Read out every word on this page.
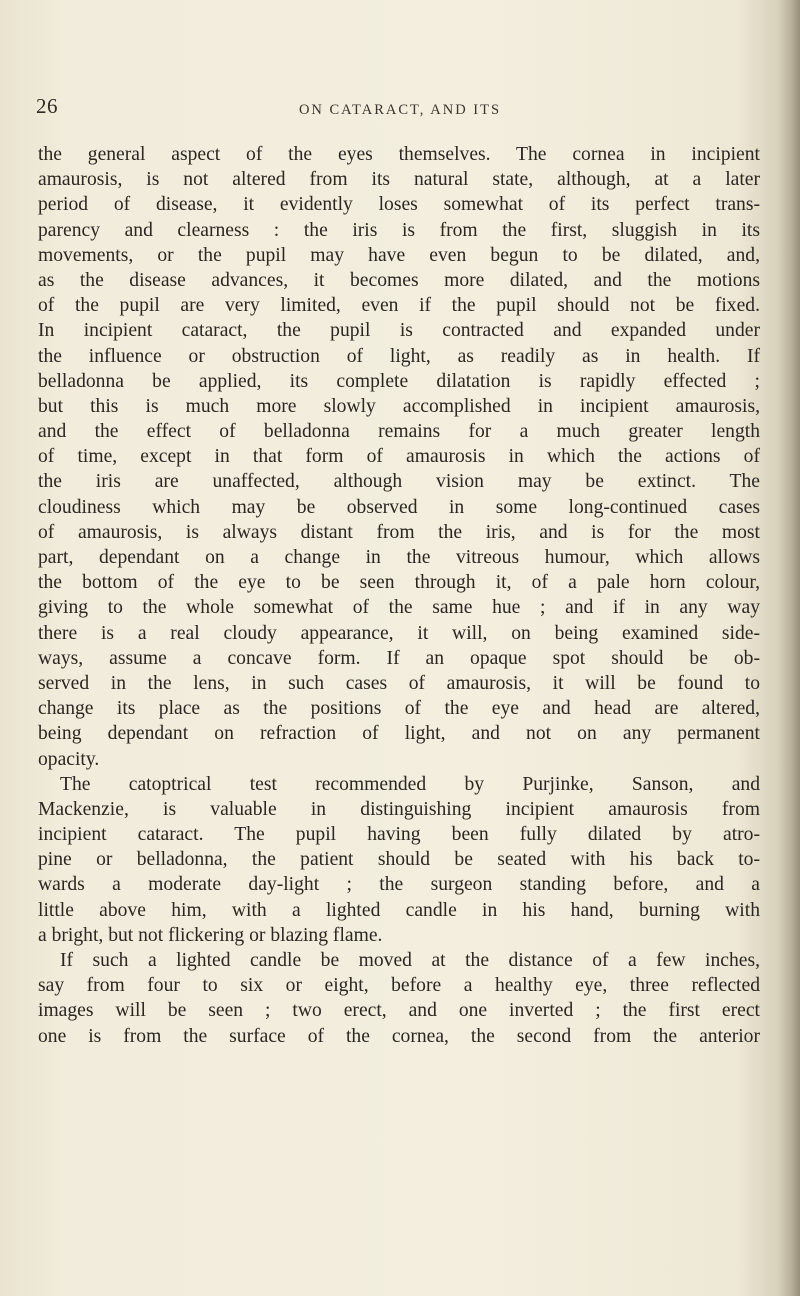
26	ON CATARACT, AND ITS
the general aspect of the eyes themselves. The cornea in incipient
amaurosis, is not altered from its natural state, although, at a later
period of disease, it evidently loses somewhat of its perfect trans-
parency and clearness : the iris is from the first, sluggish in its
movements, or the pupil may have even begun to be dilated, and,
as the disease advances, it becomes more dilated, and the motions
of the pupil are very limited, even if the pupil should not be fixed.
In incipient cataract, the pupil is contracted and expanded under
the influence or obstruction of light, as readily as in health. If
belladonna be applied, its complete dilatation is rapidly effected ;
but this is much more slowly accomplished in incipient amaurosis,
and the effect of belladonna remains for a much greater length
of time, except in that form of amaurosis in which the actions of
the iris are unaffected, although vision may be extinct. The
cloudiness which may be observed in some long-continued cases
of amaurosis, is always distant from the iris, and is for the most
part, dependant on a change in the vitreous humour, which allows
the bottom of the eye to be seen through it, of a pale horn colour,
giving to the whole somewhat of the same hue ; and if in any way
there is a real cloudy appearance, it will, on being examined side-
ways, assume a concave form. If an opaque spot should be ob-
served in the lens, in such cases of amaurosis, it will be found to
change its place as the positions of the eye and head are altered,
being dependant on refraction of light, and not on any permanent
opacity.
The catoptrical test recommended by Purjinke, Sanson, and
Mackenzie, is valuable in distinguishing incipient amaurosis from
incipient cataract. The pupil having been fully dilated by atro-
pine or belladonna, the patient should be seated with his back to-
wards a moderate day-light ; the surgeon standing before, and a
little above him, with a lighted candle in his hand, burning with
a bright, but not flickering or blazing flame.
If such a lighted candle be moved at the distance of a few inches,
say from four to six or eight, before a healthy eye, three reflected
images will be seen ; two erect, and one inverted ; the first erect
one is from the surface of the cornea, the second from the anterior
